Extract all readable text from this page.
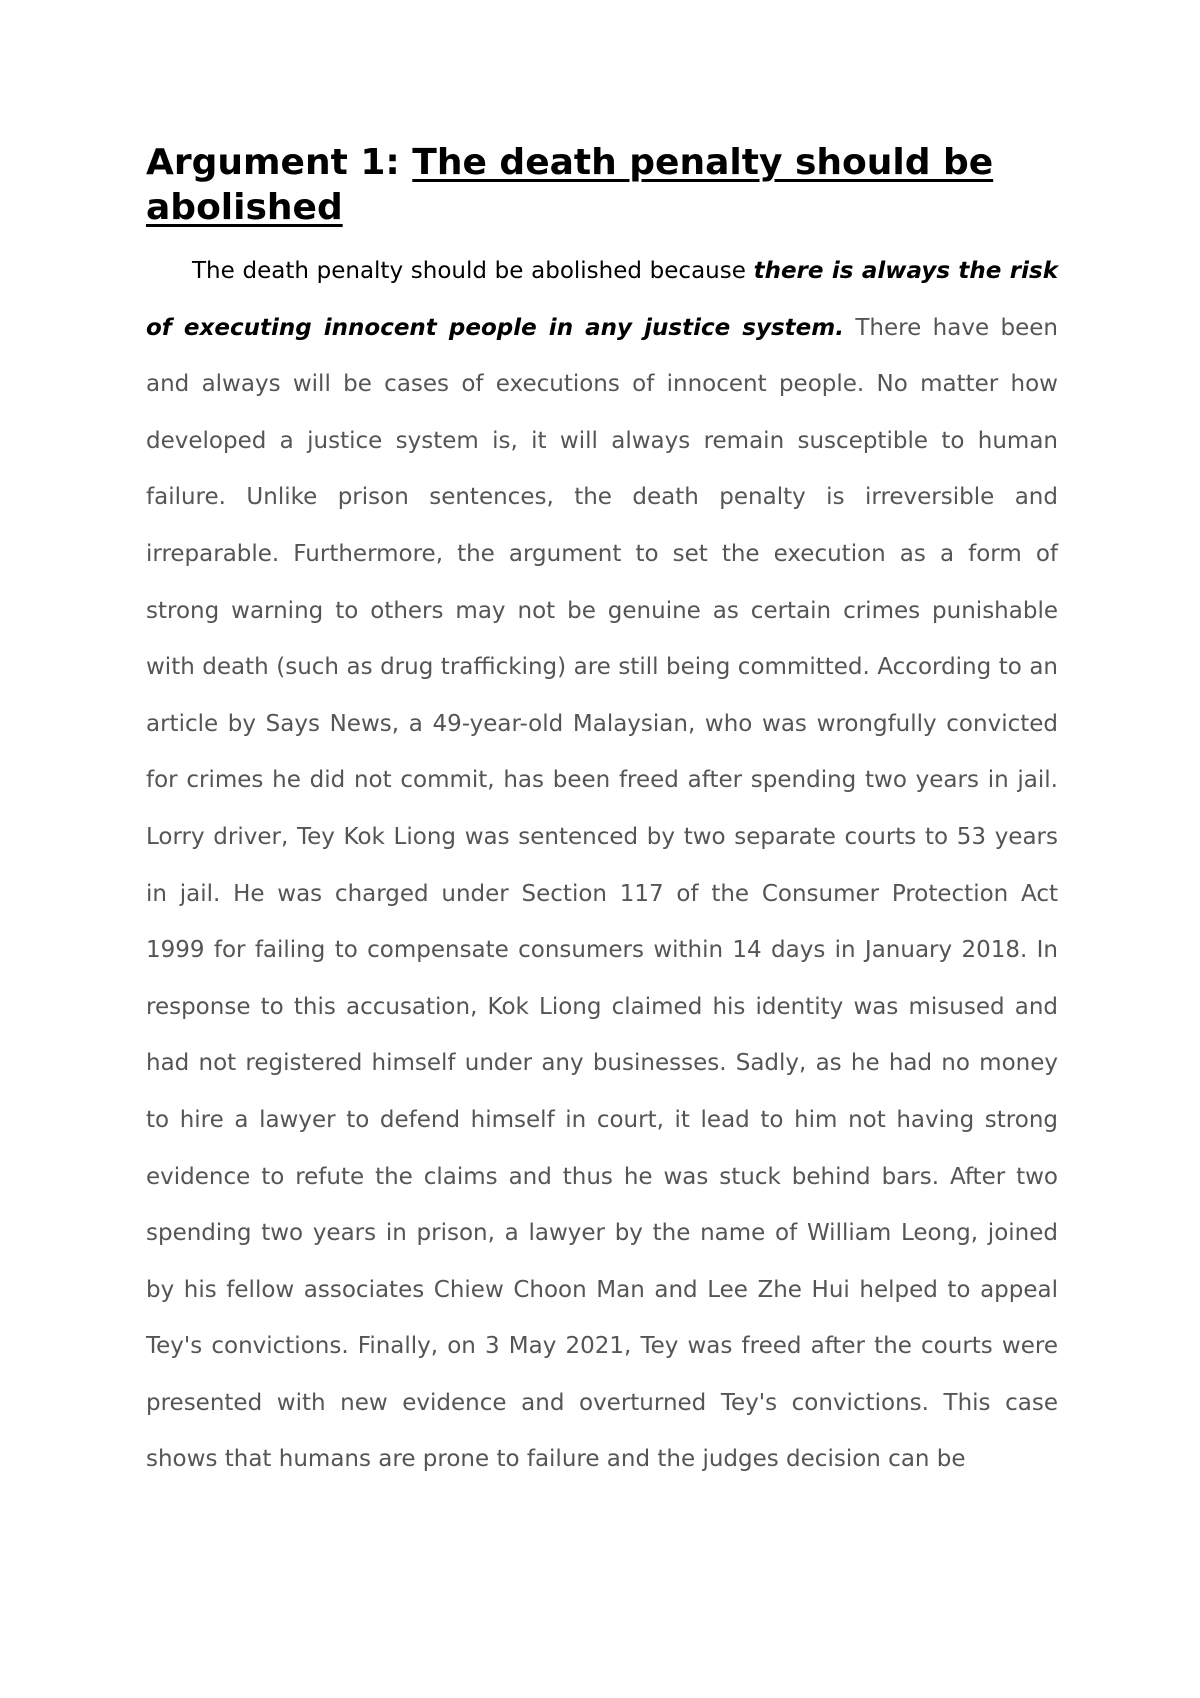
Argument 1: The death penalty should be abolished

The death penalty should be abolished because there is always the risk of executing innocent people in any justice system. There have been and always will be cases of executions of innocent people. No matter how developed a justice system is, it will always remain susceptible to human failure. Unlike prison sentences, the death penalty is irreversible and irreparable. Furthermore, the argument to set the execution as a form of strong warning to others may not be genuine as certain crimes punishable with death (such as drug trafficking) are still being committed. According to an article by Says News, a 49-year-old Malaysian, who was wrongfully convicted for crimes he did not commit, has been freed after spending two years in jail. Lorry driver, Tey Kok Liong was sentenced by two separate courts to 53 years in jail. He was charged under Section 117 of the Consumer Protection Act 1999 for failing to compensate consumers within 14 days in January 2018. In response to this accusation, Kok Liong claimed his identity was misused and had not registered himself under any businesses. Sadly, as he had no money to hire a lawyer to defend himself in court, it lead to him not having strong evidence to refute the claims and thus he was stuck behind bars. After two spending two years in prison, a lawyer by the name of William Leong, joined by his fellow associates Chiew Choon Man and Lee Zhe Hui helped to appeal Tey's convictions. Finally, on 3 May 2021, Tey was freed after the courts were presented with new evidence and overturned Tey's convictions. This case shows that humans are prone to failure and the judges decision can be
